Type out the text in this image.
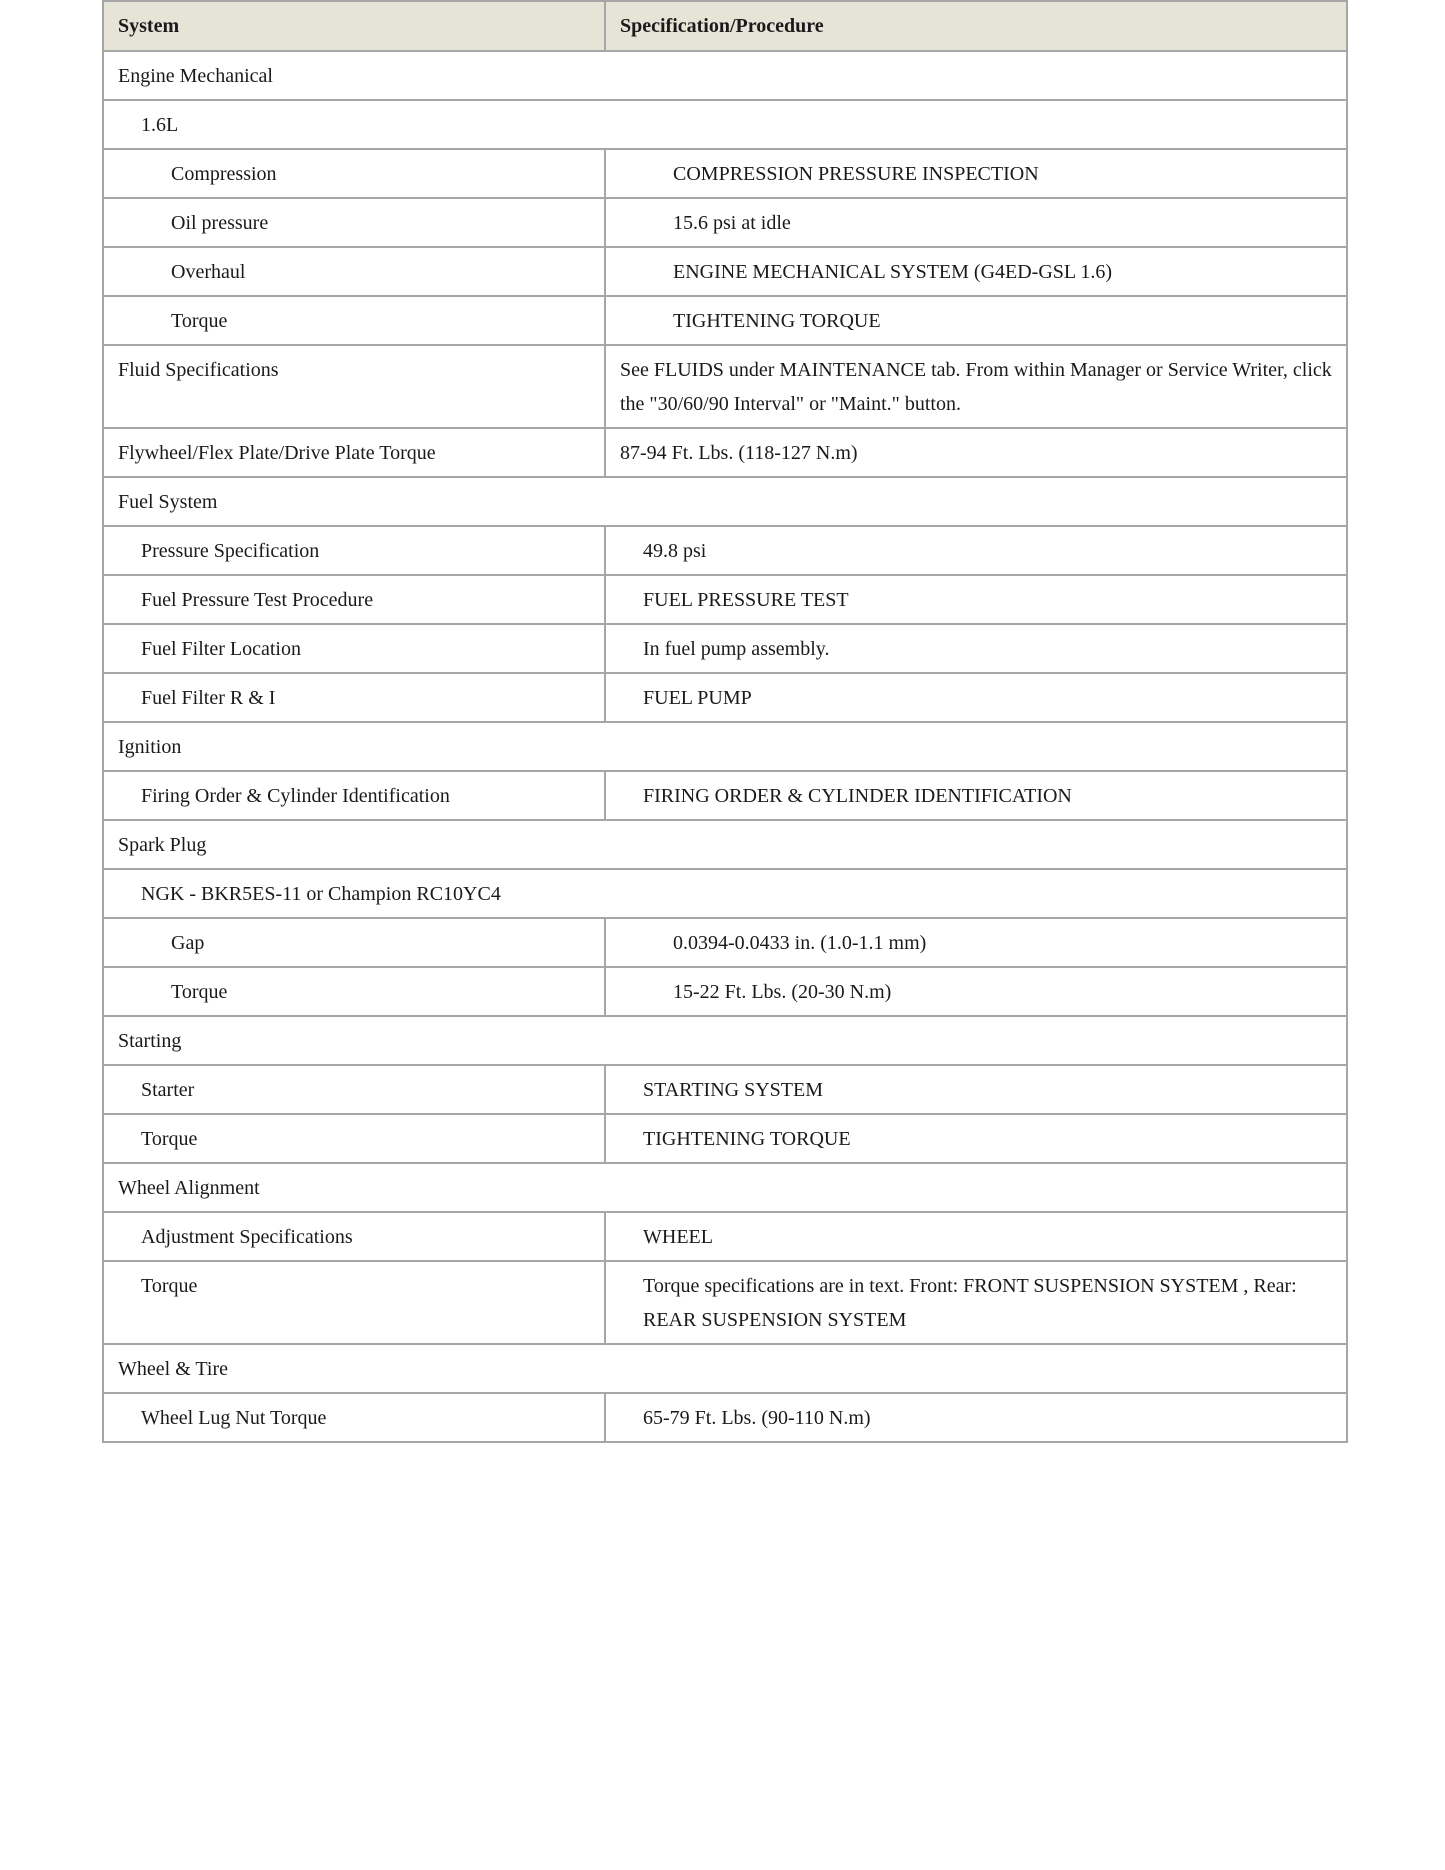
System	Specification/Procedure
Engine Mechanical	
1.6L	
Compression	COMPRESSION PRESSURE INSPECTION
Oil pressure	15.6 psi at idle
Overhaul	ENGINE MECHANICAL SYSTEM (G4ED-GSL 1.6)
Torque	TIGHTENING TORQUE
Fluid Specifications	See FLUIDS under MAINTENANCE tab. From within Manager or Service Writer, click the "30/60/90 Interval" or "Maint." button.
Flywheel/Flex Plate/Drive Plate Torque	87-94 Ft. Lbs. (118-127 N.m)
Fuel System	
Pressure Specification	49.8 psi
Fuel Pressure Test Procedure	FUEL PRESSURE TEST
Fuel Filter Location	In fuel pump assembly.
Fuel Filter R & I	FUEL PUMP
Ignition	
Firing Order & Cylinder Identification	FIRING ORDER & CYLINDER IDENTIFICATION
Spark Plug	
NGK - BKR5ES-11 or Champion RC10YC4	
Gap	0.0394-0.0433 in. (1.0-1.1 mm)
Torque	15-22 Ft. Lbs. (20-30 N.m)
Starting	
Starter	STARTING SYSTEM
Torque	TIGHTENING TORQUE
Wheel Alignment	
Adjustment Specifications	WHEEL
Torque	Torque specifications are in text. Front: FRONT SUSPENSION SYSTEM , Rear: REAR SUSPENSION SYSTEM
Wheel & Tire	
Wheel Lug Nut Torque	65-79 Ft. Lbs. (90-110 N.m)
